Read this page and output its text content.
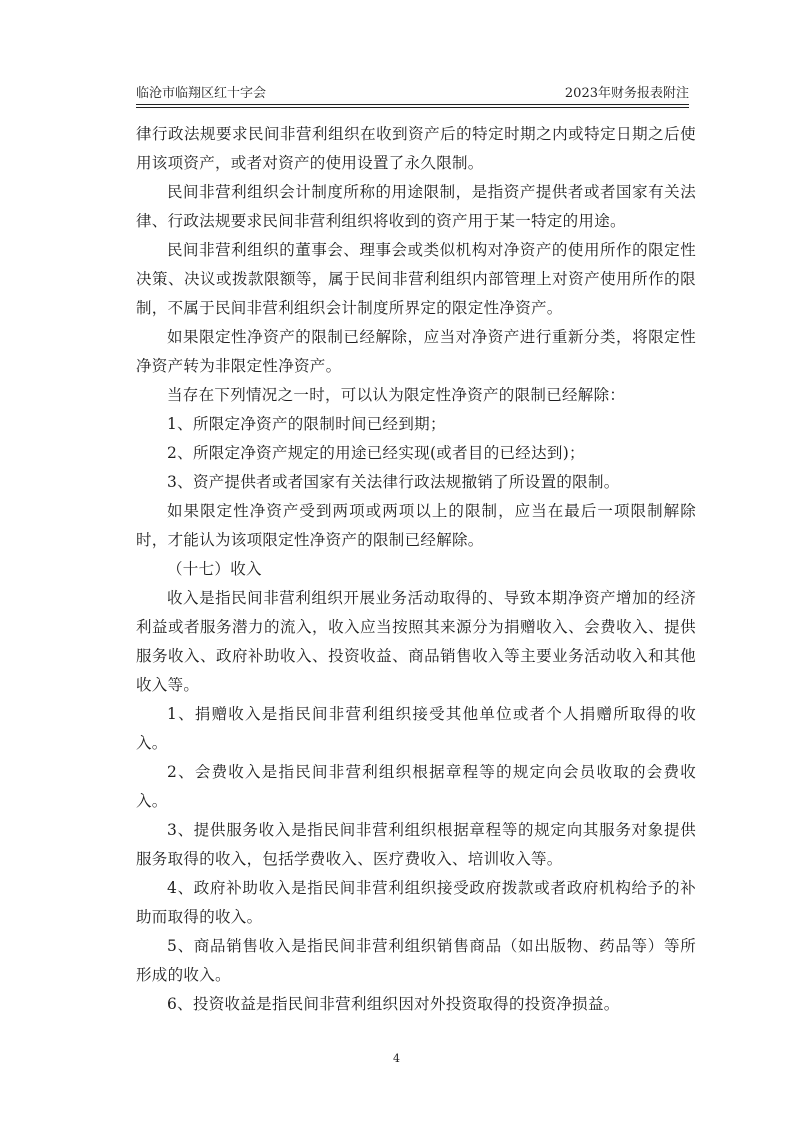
临沧市临翔区红十字会	2023年财务报表附注

律行政法规要求民间非营利组织在收到资产后的特定时期之内或特定日期之后使用该项资产，或者对资产的使用设置了永久限制。

民间非营利组织会计制度所称的用途限制，是指资产提供者或者国家有关法律、行政法规要求民间非营利组织将收到的资产用于某一特定的用途。

民间非营利组织的董事会、理事会或类似机构对净资产的使用所作的限定性决策、决议或拨款限额等，属于民间非营利组织内部管理上对资产使用所作的限制，不属于民间非营利组织会计制度所界定的限定性净资产。

如果限定性净资产的限制已经解除，应当对净资产进行重新分类，将限定性净资产转为非限定性净资产。

当存在下列情况之一时，可以认为限定性净资产的限制已经解除：

1、所限定净资产的限制时间已经到期；

2、所限定净资产规定的用途已经实现(或者目的已经达到)；

3、资产提供者或者国家有关法律行政法规撤销了所设置的限制。

如果限定性净资产受到两项或两项以上的限制，应当在最后一项限制解除时，才能认为该项限定性净资产的限制已经解除。

（十七）收入

收入是指民间非营利组织开展业务活动取得的、导致本期净资产增加的经济利益或者服务潜力的流入，收入应当按照其来源分为捐赠收入、会费收入、提供服务收入、政府补助收入、投资收益、商品销售收入等主要业务活动收入和其他收入等。

1、捐赠收入是指民间非营利组织接受其他单位或者个人捐赠所取得的收入。

2、会费收入是指民间非营利组织根据章程等的规定向会员收取的会费收入。

3、提供服务收入是指民间非营利组织根据章程等的规定向其服务对象提供服务取得的收入，包括学费收入、医疗费收入、培训收入等。

4、政府补助收入是指民间非营利组织接受政府拨款或者政府机构给予的补助而取得的收入。

5、商品销售收入是指民间非营利组织销售商品（如出版物、药品等）等所形成的收入。

6、投资收益是指民间非营利组织因对外投资取得的投资净损益。

4
